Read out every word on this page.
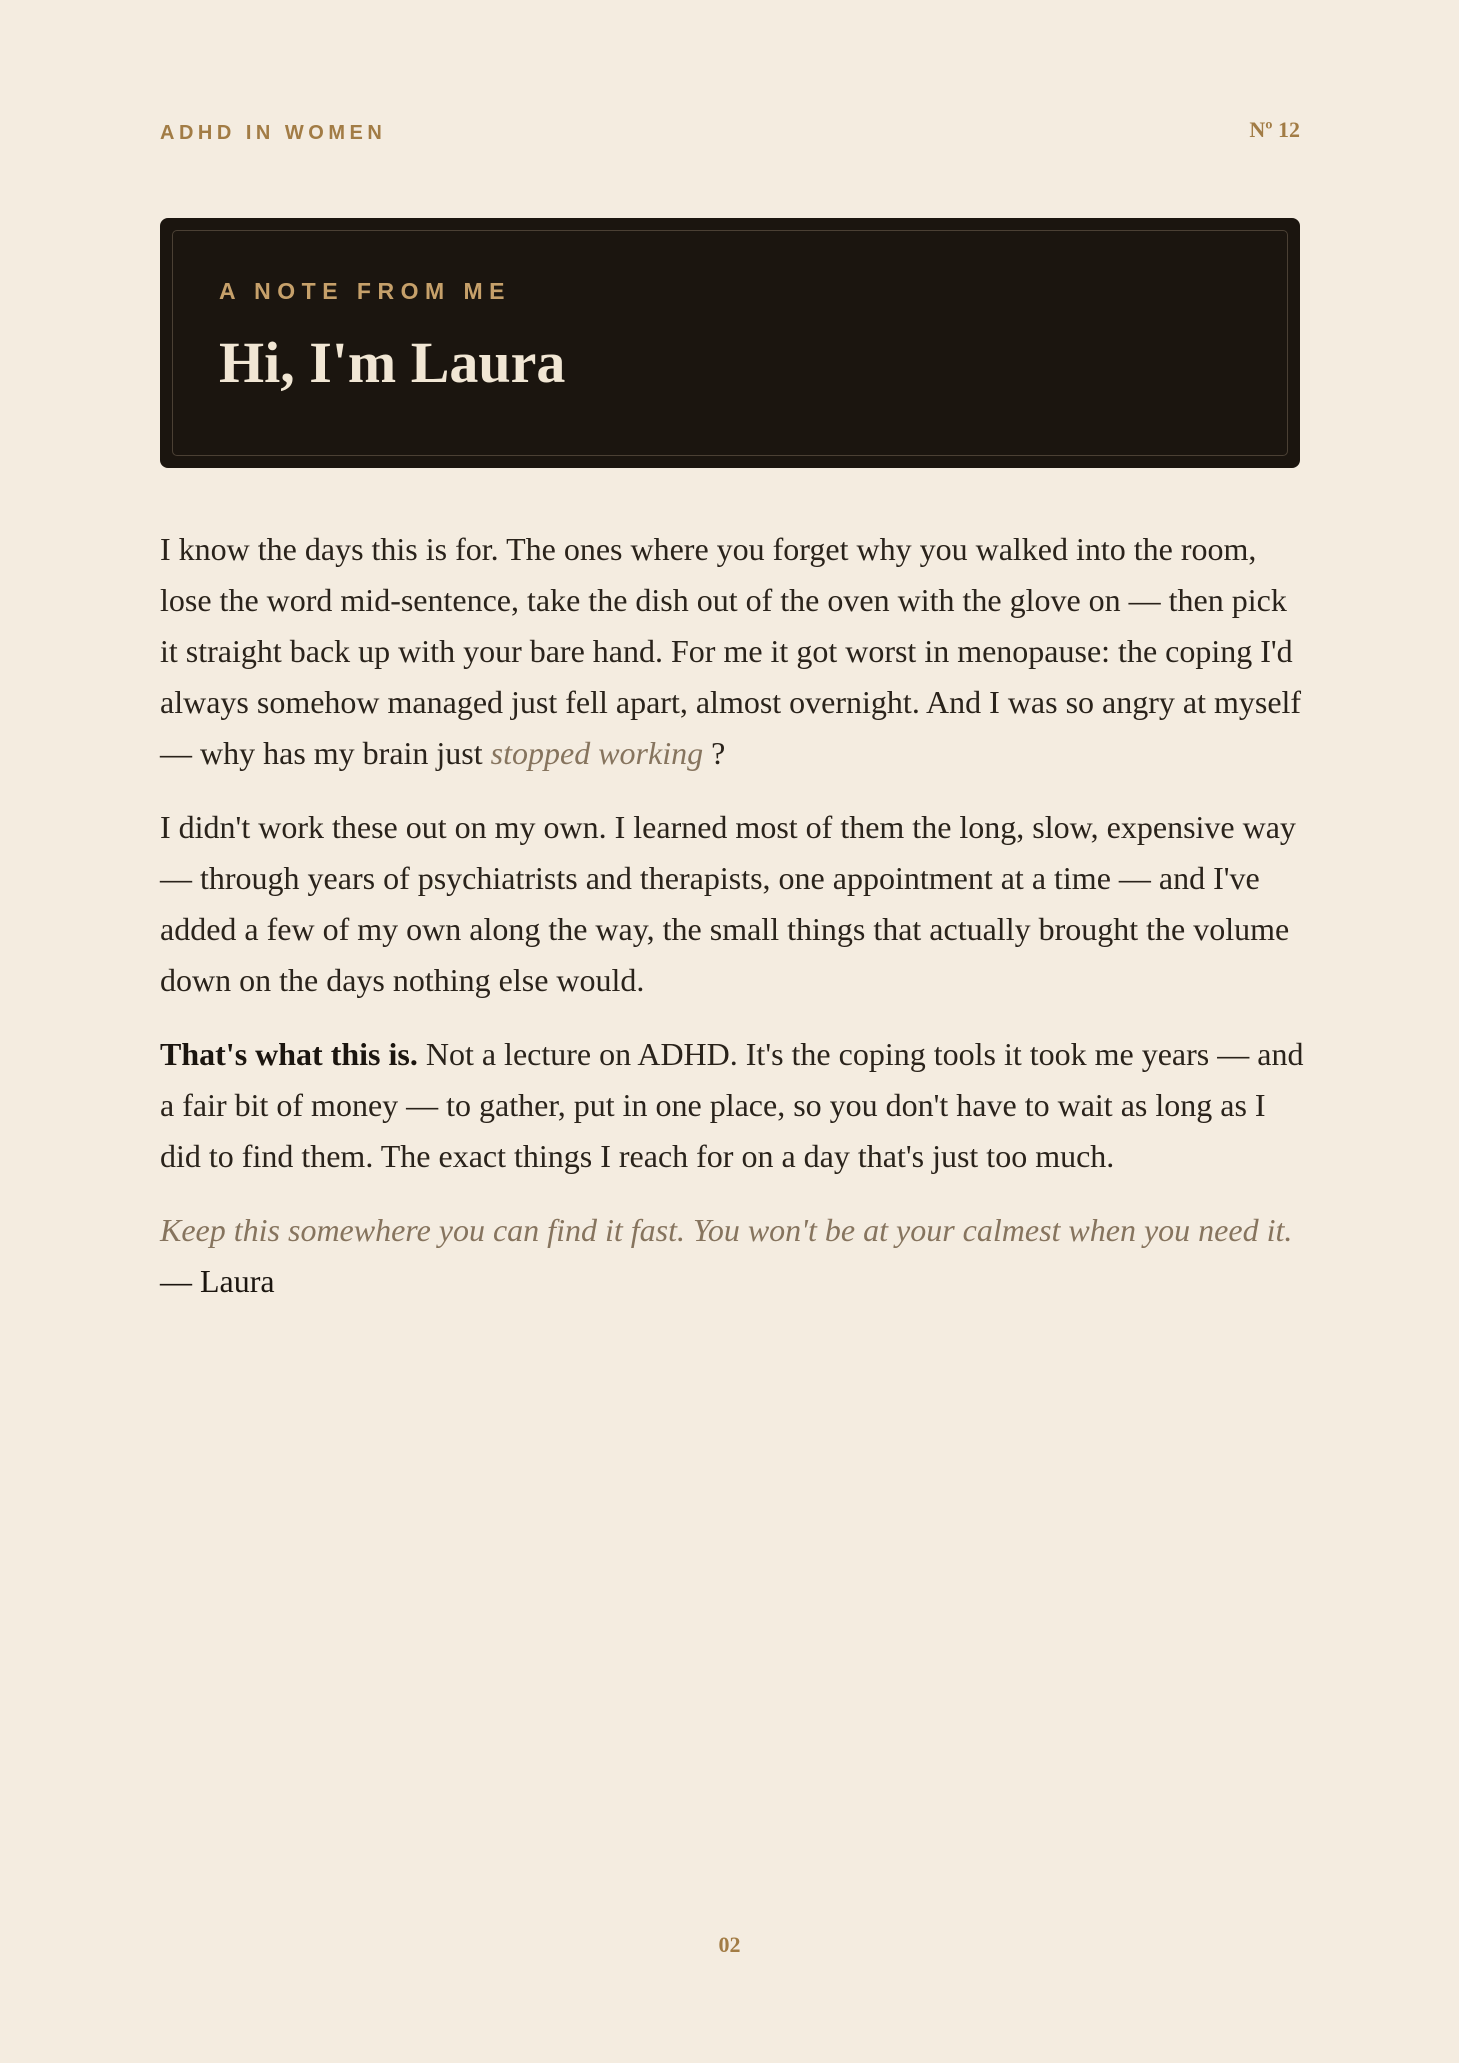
ADHD IN WOMEN	Nº 12
A NOTE FROM ME
Hi, I'm Laura

I know the days this is for. The ones where you forget why you walked into the room, lose the word mid-sentence, take the dish out of the oven with the glove on — then pick it straight back up with your bare hand. For me it got worst in menopause: the coping I'd always somehow managed just fell apart, almost overnight. And I was so angry at myself — why has my brain just stopped working ?

I didn't work these out on my own. I learned most of them the long, slow, expensive way — through years of psychiatrists and therapists, one appointment at a time — and I've added a few of my own along the way, the small things that actually brought the volume down on the days nothing else would.

That's what this is. Not a lecture on ADHD. It's the coping tools it took me years — and a fair bit of money — to gather, put in one place, so you don't have to wait as long as I did to find them. The exact things I reach for on a day that's just too much.

Keep this somewhere you can find it fast. You won't be at your calmest when you need it. — Laura

02
